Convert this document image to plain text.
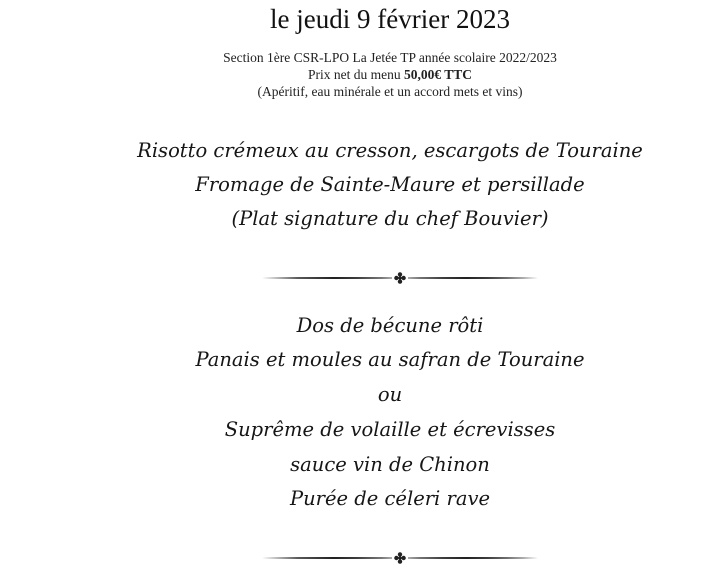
le jeudi 9 février 2023
Section 1ère CSR-LPO La Jetée TP année scolaire 2022/2023
Prix net du menu 50,00€ TTC
(Apéritif, eau minérale et un accord mets et vins)
Risotto crémeux au cresson, escargots de Touraine
Fromage de Sainte-Maure et persillade
(Plat signature du chef Bouvier)
Dos de bécune rôti
Panais et moules au safran de Touraine
ou
Suprême de volaille et écrevisses
sauce vin de Chinon
Purée de céleri rave
